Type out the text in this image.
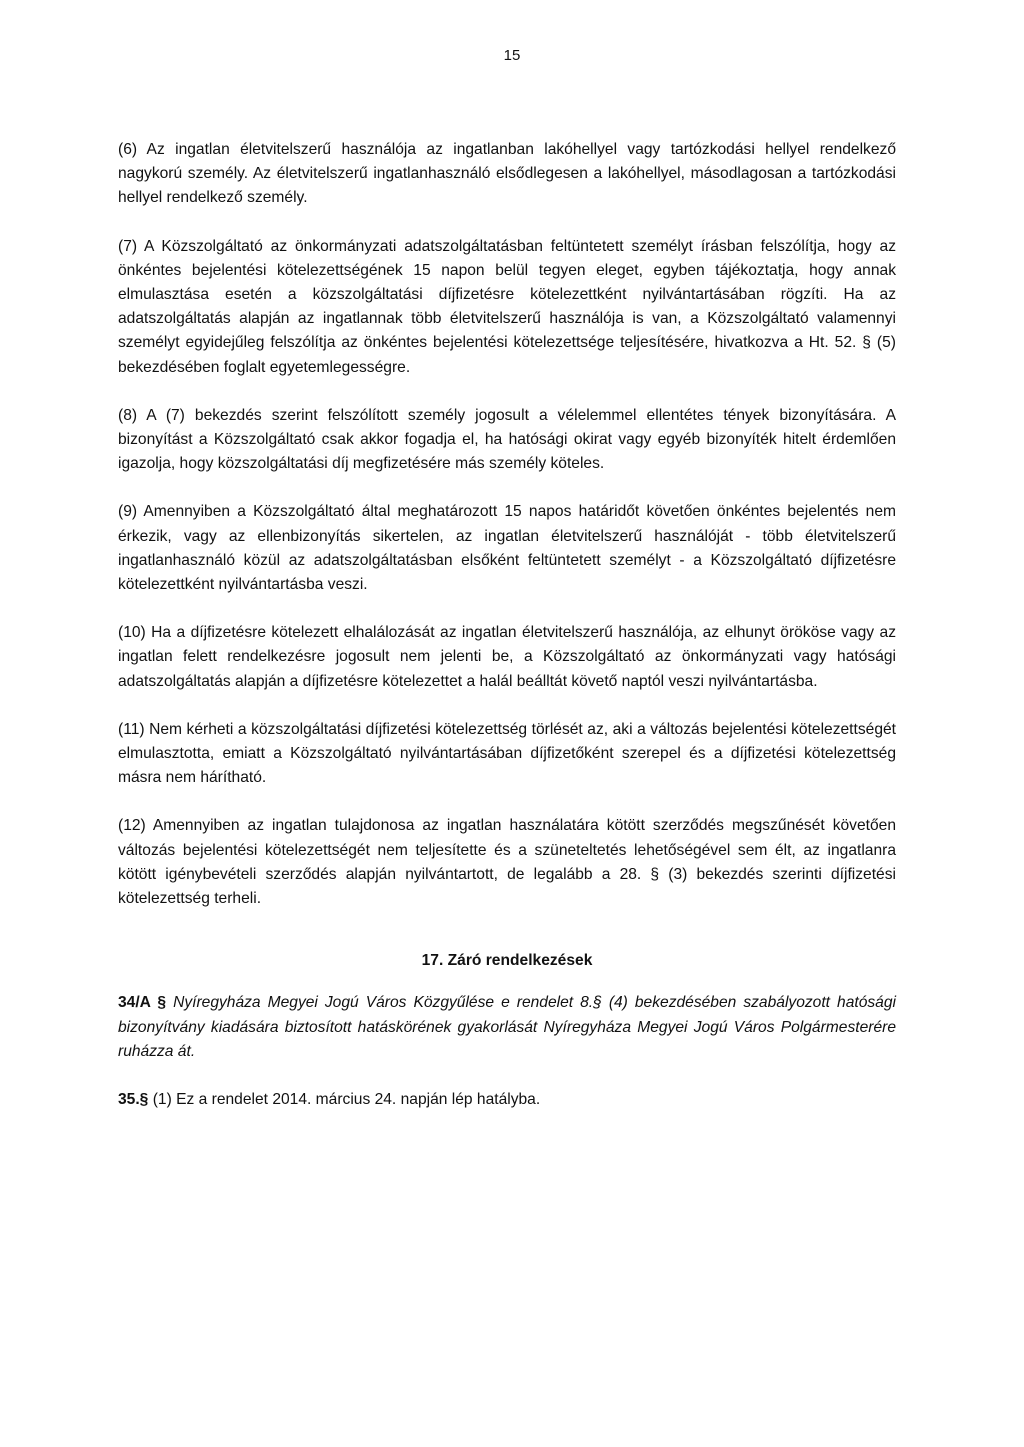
15

(6) Az ingatlan életvitelszerű használója az ingatlanban lakóhellyel vagy tartózkodási hellyel rendelkező nagykorú személy. Az életvitelszerű ingatlanhasználó elsődlegesen a lakóhellyel, másodlagosan a tartózkodási hellyel rendelkező személy.

(7) A Közszolgáltató az önkormányzati adatszolgáltatásban feltüntetett személyt írásban felszólítja, hogy az önkéntes bejelentési kötelezettségének 15 napon belül tegyen eleget, egyben tájékoztatja, hogy annak elmulasztása esetén a közszolgáltatási díjfizetésre kötelezettként nyilvántartásában rögzíti. Ha az adatszolgáltatás alapján az ingatlannak több életvitelszerű használója is van, a Közszolgáltató valamennyi személyt egyidejűleg felszólítja az önkéntes bejelentési kötelezettsége teljesítésére, hivatkozva a Ht. 52. § (5) bekezdésében foglalt egyetemlegességre.

(8) A (7) bekezdés szerint felszólított személy jogosult a vélelemmel ellentétes tények bizonyítására. A bizonyítást a Közszolgáltató csak akkor fogadja el, ha hatósági okirat vagy egyéb bizonyíték hitelt érdemlően igazolja, hogy közszolgáltatási díj megfizetésére más személy köteles.

(9) Amennyiben a Közszolgáltató által meghatározott 15 napos határidőt követően önkéntes bejelentés nem érkezik, vagy az ellenbizonyítás sikertelen, az ingatlan életvitelszerű használóját - több életvitelszerű ingatlanhasználó közül az adatszolgáltatásban elsőként feltüntetett személyt - a Közszolgáltató díjfizetésre kötelezettként nyilvántartásba veszi.

(10) Ha a díjfizetésre kötelezett elhalálozását az ingatlan életvitelszerű használója, az elhunyt örököse vagy az ingatlan felett rendelkezésre jogosult nem jelenti be, a Közszolgáltató az önkormányzati vagy hatósági adatszolgáltatás alapján a díjfizetésre kötelezettet a halál beálltát követő naptól veszi nyilvántartásba.

(11) Nem kérheti a közszolgáltatási díjfizetési kötelezettség törlését az, aki a változás bejelentési kötelezettségét elmulasztotta, emiatt a Közszolgáltató nyilvántartásában díjfizetőként szerepel és a díjfizetési kötelezettség másra nem hárítható.

(12) Amennyiben az ingatlan tulajdonosa az ingatlan használatára kötött szerződés megszűnését követően változás bejelentési kötelezettségét nem teljesítette és a szüneteltetés lehetőségével sem élt, az ingatlanra kötött igénybevételi szerződés alapján nyilvántartott, de legalább a 28. § (3) bekezdés szerinti díjfizetési kötelezettség terheli.

17. Záró rendelkezések

34/A § Nyíregyháza Megyei Jogú Város Közgyűlése e rendelet 8.§ (4) bekezdésében szabályozott hatósági bizonyítvány kiadására biztosított hatáskörének gyakorlását Nyíregyháza Megyei Jogú Város Polgármesterére ruházza át.

35.§ (1) Ez a rendelet 2014. március 24. napján lép hatályba.
